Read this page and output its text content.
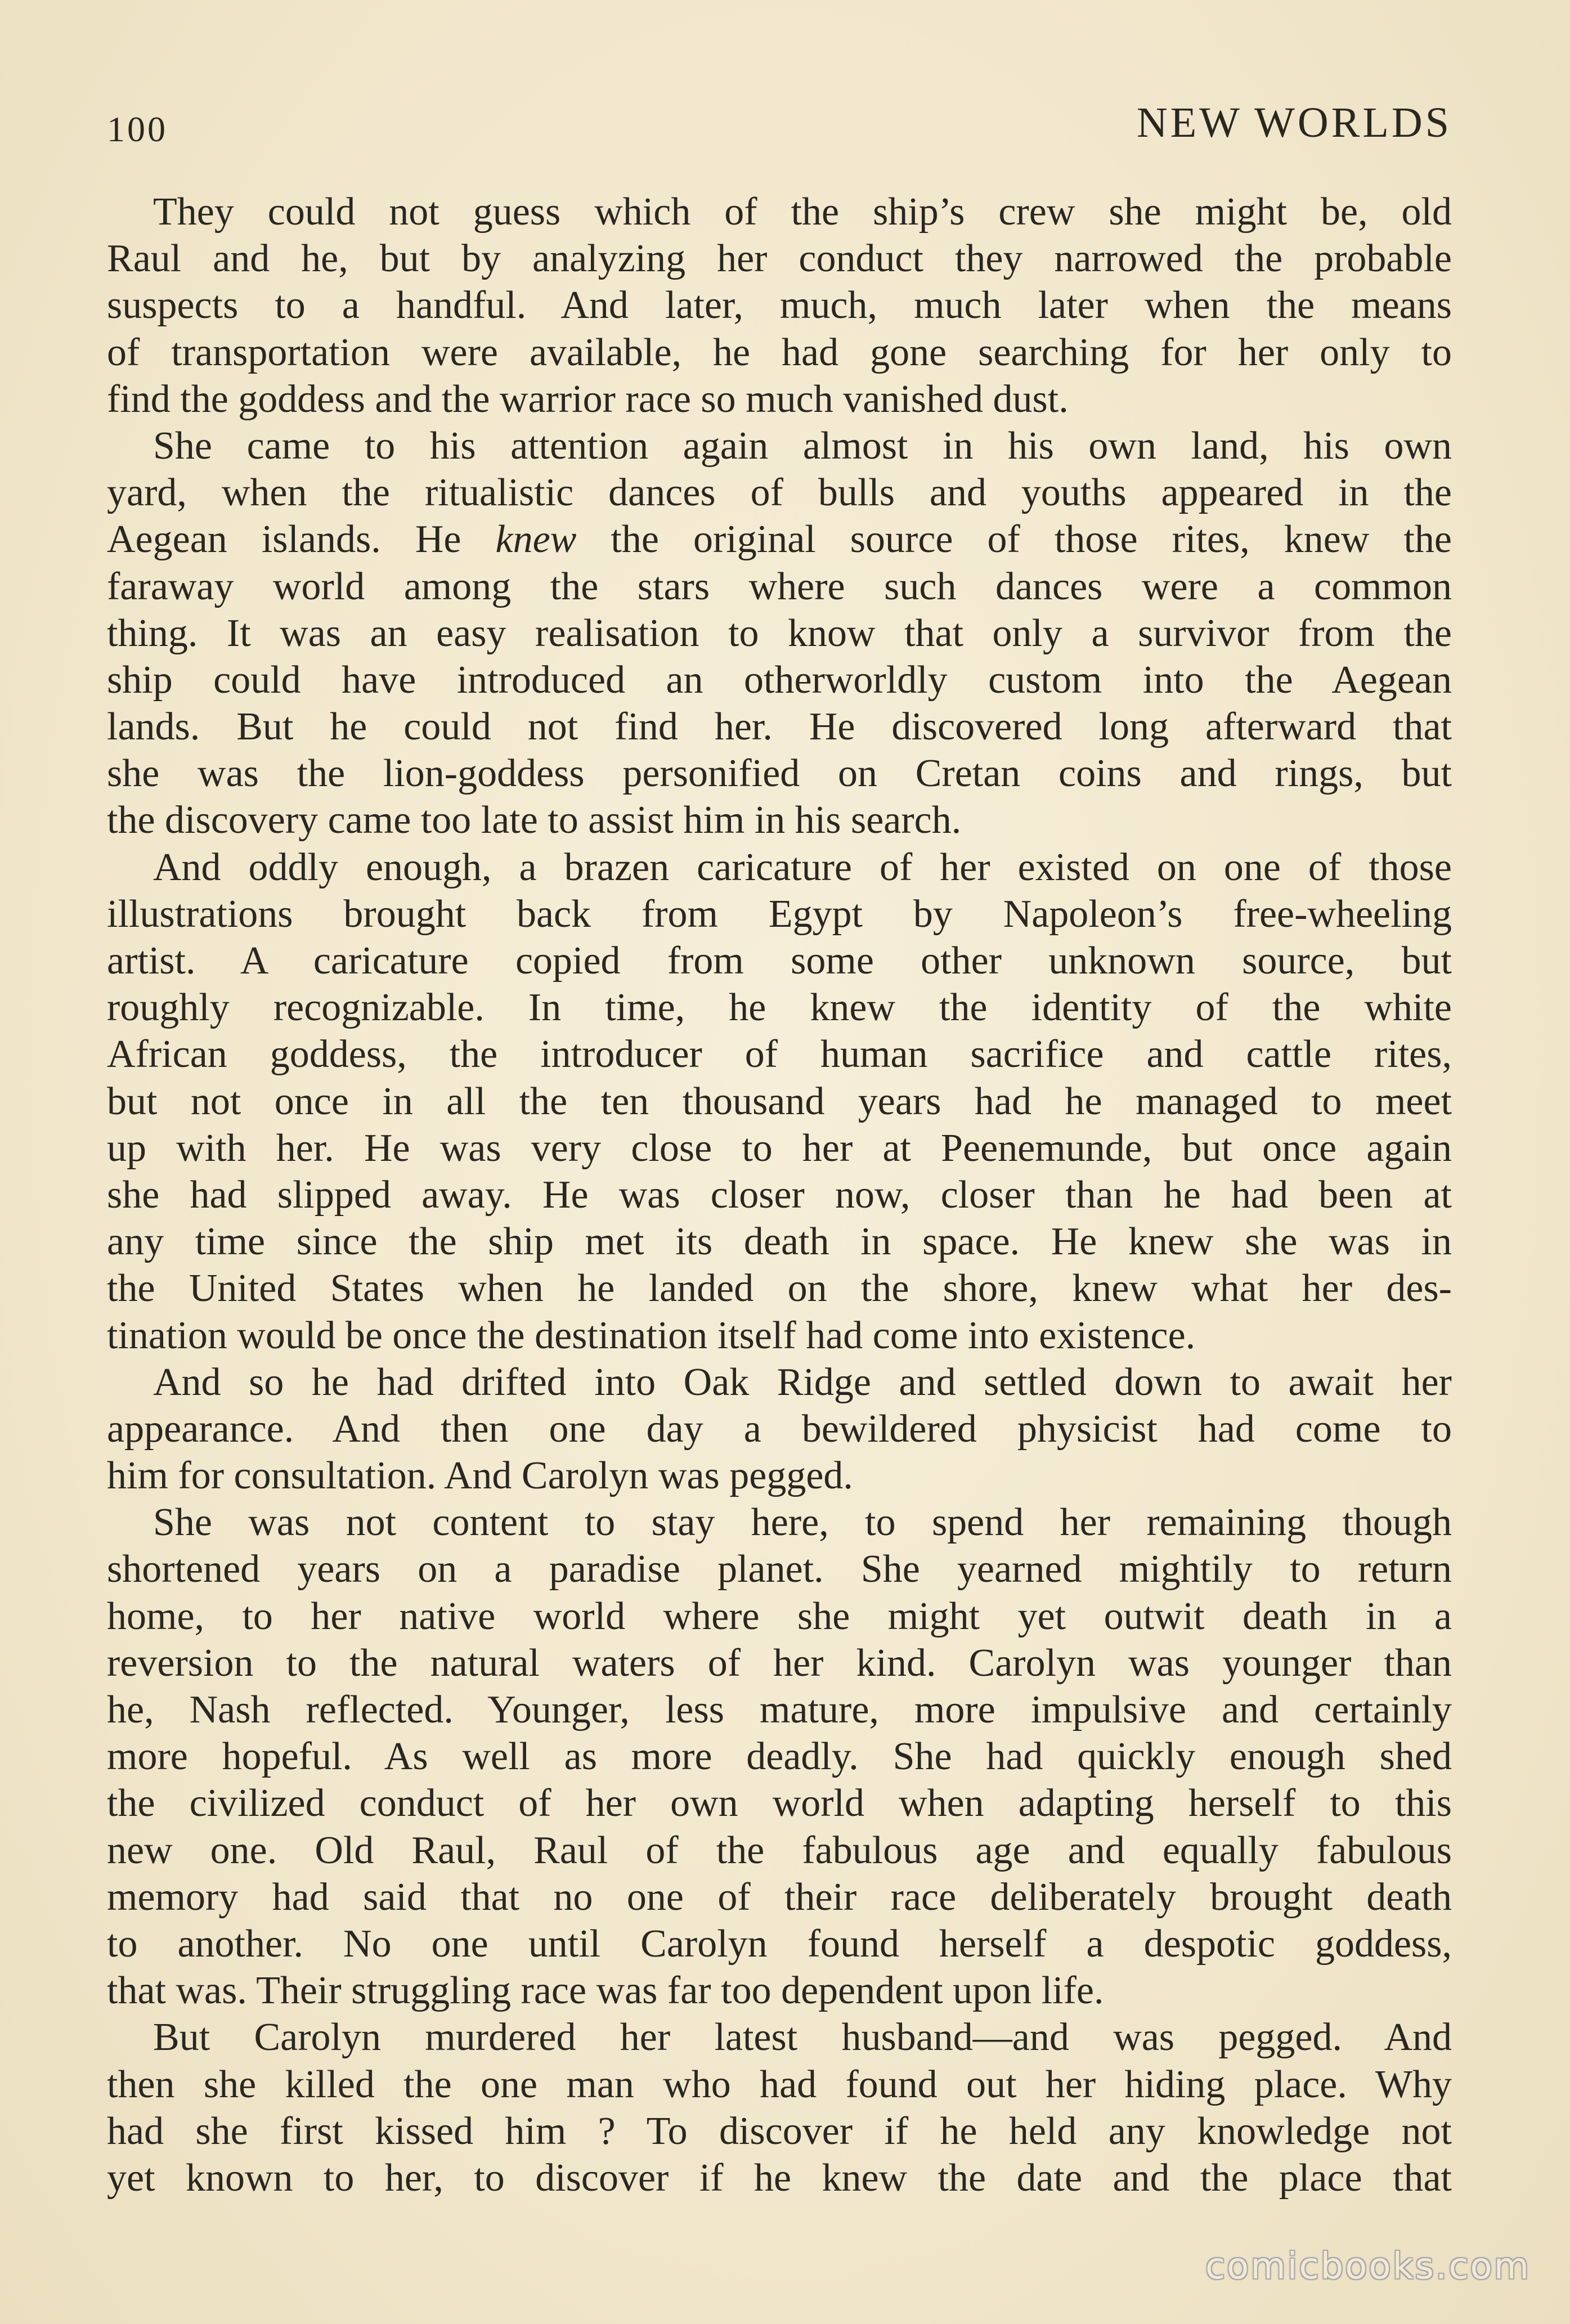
100	NEW WORLDS
They could not guess which of the ship’s crew she might be, old
Raul and he, but by analyzing her conduct they narrowed the probable
suspects to a handful. And later, much, much later when the means
of transportation were available, he had gone searching for her only to
find the goddess and the warrior race so much vanished dust.
She came to his attention again almost in his own land, his own
yard, when the ritualistic dances of bulls and youths appeared in the
Aegean islands. He knew the original source of those rites, knew the
faraway world among the stars where such dances were a common
thing. It was an easy realisation to know that only a survivor from the
ship could have introduced an otherworldly custom into the Aegean
lands. But he could not find her. He discovered long afterward that
she was the lion-goddess personified on Cretan coins and rings, but
the discovery came too late to assist him in his search.
And oddly enough, a brazen caricature of her existed on one of those
illustrations brought back from Egypt by Napoleon’s free-wheeling
artist. A caricature copied from some other unknown source, but
roughly recognizable. In time, he knew the identity of the white
African goddess, the introducer of human sacrifice and cattle rites,
but not once in all the ten thousand years had he managed to meet
up with her. He was very close to her at Peenemunde, but once again
she had slipped away. He was closer now, closer than he had been at
any time since the ship met its death in space. He knew she was in
the United States when he landed on the shore, knew what her des-
tination would be once the destination itself had come into existence.
And so he had drifted into Oak Ridge and settled down to await her
appearance. And then one day a bewildered physicist had come to
him for consultation. And Carolyn was pegged.
She was not content to stay here, to spend her remaining though
shortened years on a paradise planet. She yearned mightily to return
home, to her native world where she might yet outwit death in a
reversion to the natural waters of her kind. Carolyn was younger than
he, Nash reflected. Younger, less mature, more impulsive and certainly
more hopeful. As well as more deadly. She had quickly enough shed
the civilized conduct of her own world when adapting herself to this
new one. Old Raul, Raul of the fabulous age and equally fabulous
memory had said that no one of their race deliberately brought death
to another. No one until Carolyn found herself a despotic goddess,
that was. Their struggling race was far too dependent upon life.
But Carolyn murdered her latest husband—and was pegged. And
then she killed the one man who had found out her hiding place. Why
had she first kissed him ? To discover if he held any knowledge not
yet known to her, to discover if he knew the date and the place that
comicbooks.com
